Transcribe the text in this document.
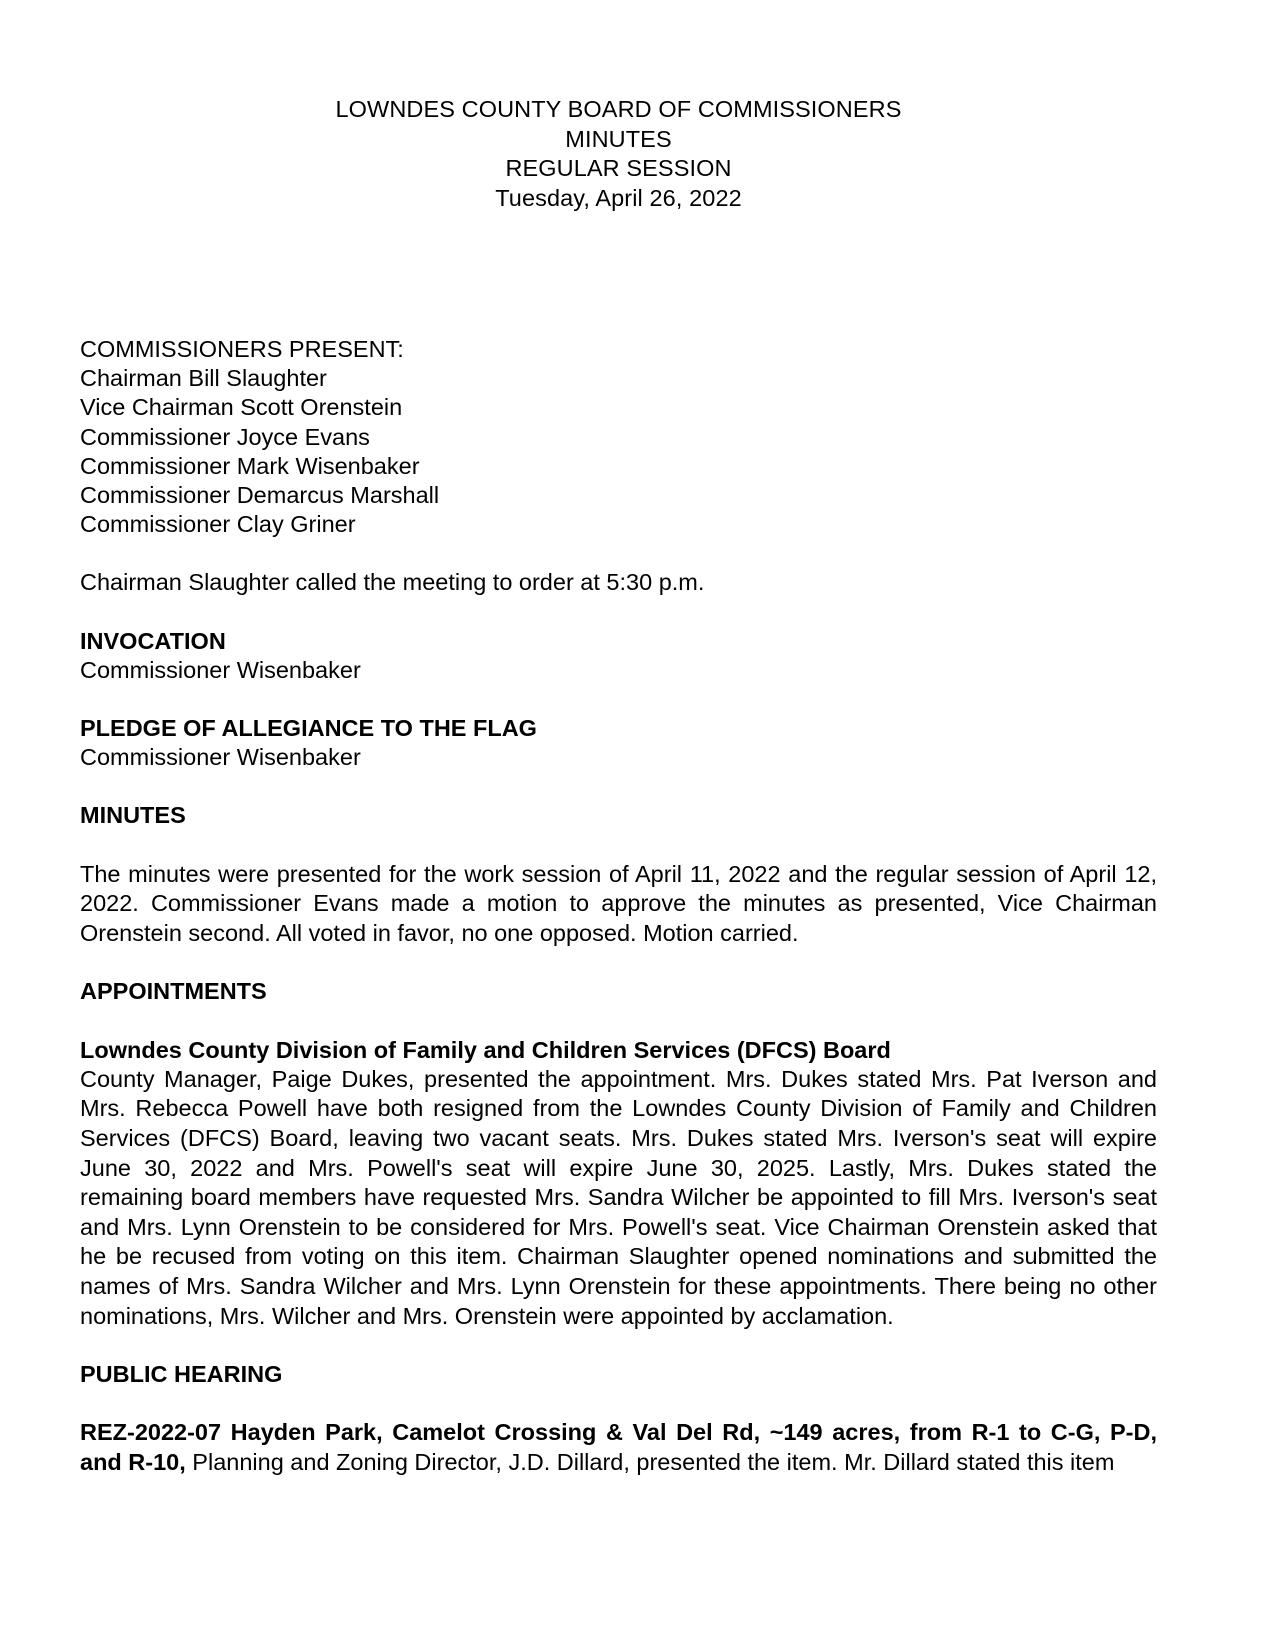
LOWNDES COUNTY BOARD OF COMMISSIONERS
MINUTES
REGULAR SESSION
Tuesday, April 26, 2022
COMMISSIONERS PRESENT:
Chairman Bill Slaughter
Vice Chairman Scott Orenstein
Commissioner Joyce Evans
Commissioner Mark Wisenbaker
Commissioner Demarcus Marshall
Commissioner Clay Griner
Chairman Slaughter called the meeting to order at 5:30 p.m.
INVOCATION
Commissioner Wisenbaker
PLEDGE OF ALLEGIANCE TO THE FLAG
Commissioner Wisenbaker
MINUTES
The minutes were presented for the work session of April 11, 2022 and the regular session of April 12, 2022. Commissioner Evans made a motion to approve the minutes as presented, Vice Chairman Orenstein second. All voted in favor, no one opposed. Motion carried.
APPOINTMENTS
Lowndes County Division of Family and Children Services (DFCS) Board
County Manager, Paige Dukes, presented the appointment. Mrs. Dukes stated Mrs. Pat Iverson and Mrs. Rebecca Powell have both resigned from the Lowndes County Division of Family and Children Services (DFCS) Board, leaving two vacant seats. Mrs. Dukes stated Mrs. Iverson's seat will expire June 30, 2022 and Mrs. Powell's seat will expire June 30, 2025. Lastly, Mrs. Dukes stated the remaining board members have requested Mrs. Sandra Wilcher be appointed to fill Mrs. Iverson's seat and Mrs. Lynn Orenstein to be considered for Mrs. Powell's seat. Vice Chairman Orenstein asked that he be recused from voting on this item. Chairman Slaughter opened nominations and submitted the names of Mrs. Sandra Wilcher and Mrs. Lynn Orenstein for these appointments. There being no other nominations, Mrs. Wilcher and Mrs. Orenstein were appointed by acclamation.
PUBLIC HEARING
REZ-2022-07 Hayden Park, Camelot Crossing & Val Del Rd, ~149 acres, from R-1 to C-G, P-D, and R-10, Planning and Zoning Director, J.D. Dillard, presented the item. Mr. Dillard stated this item
